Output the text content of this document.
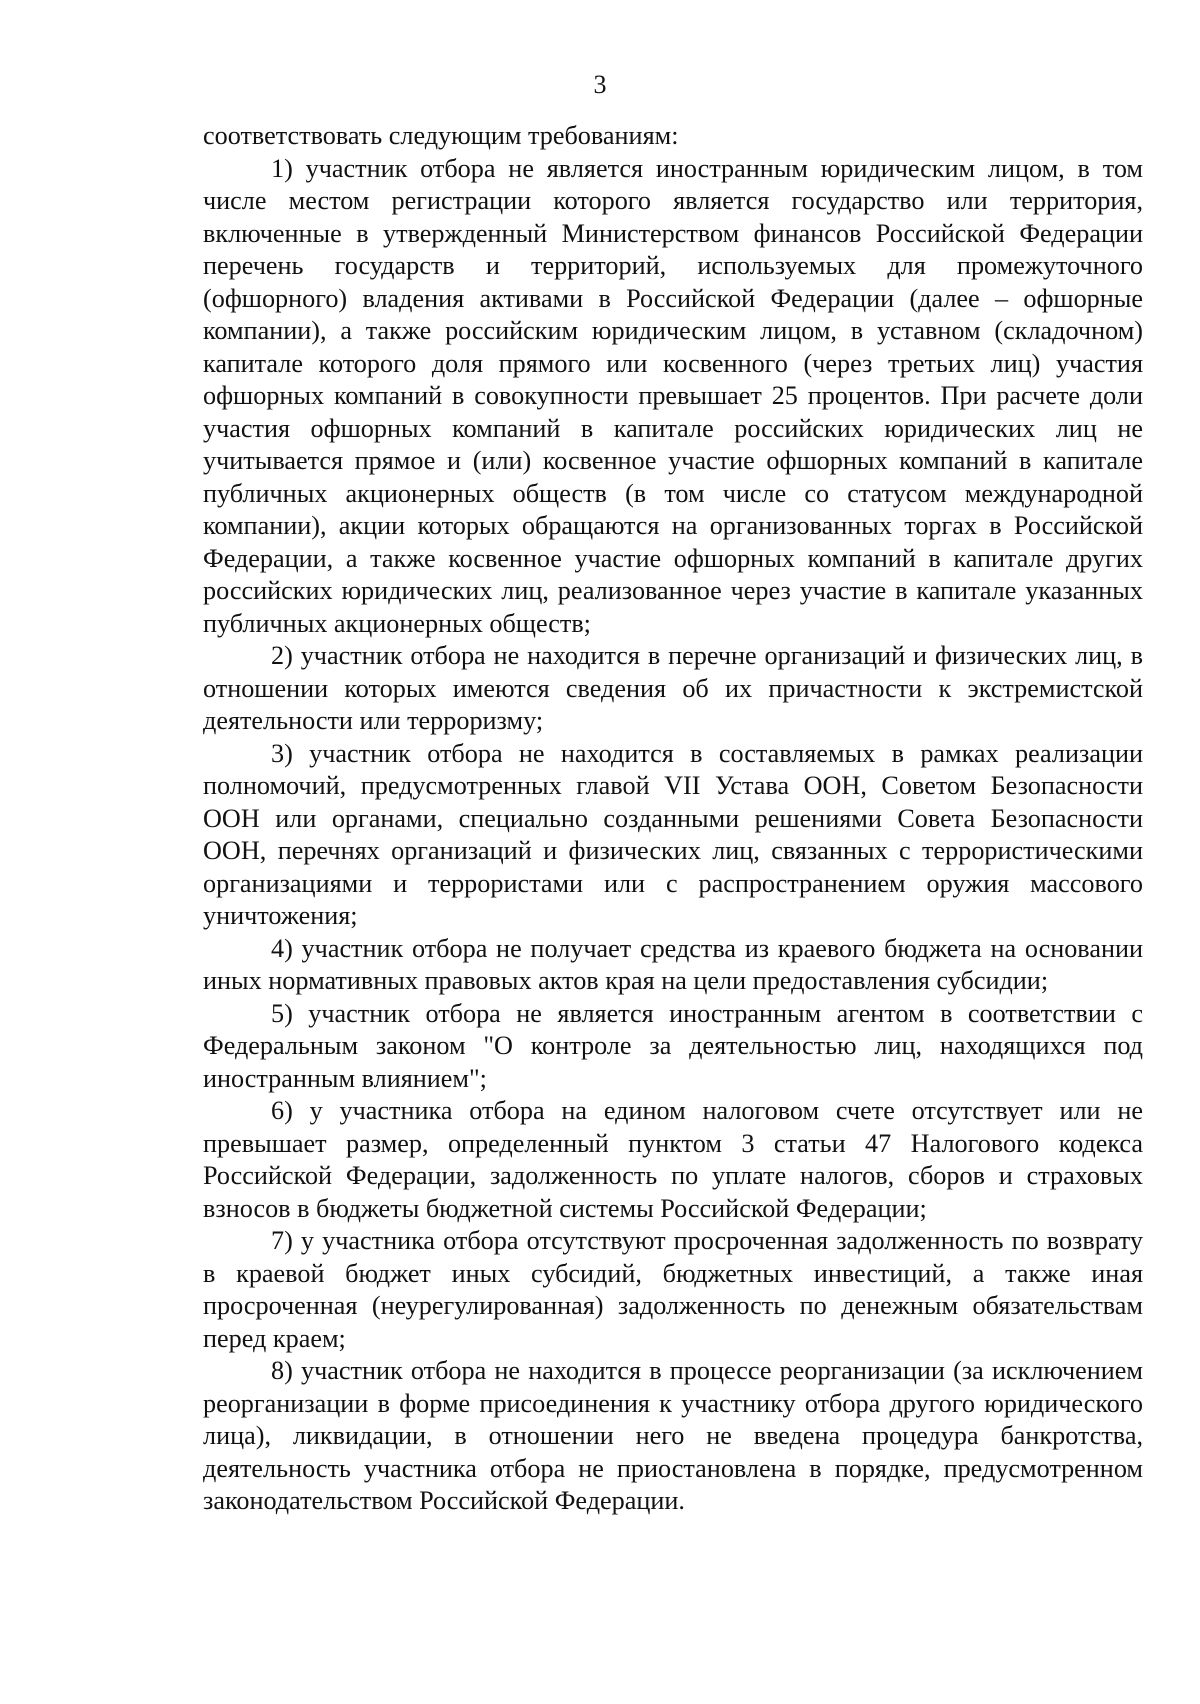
3

соответствовать следующим требованиям:

1) участник отбора не является иностранным юридическим лицом, в том числе местом регистрации которого является государство или территория, включенные в утвержденный Министерством финансов Российской Федерации перечень государств и территорий, используемых для промежуточного (офшорного) владения активами в Российской Федерации (далее – офшорные компании), а также российским юридическим лицом, в уставном (складочном) капитале которого доля прямого или косвенного (через третьих лиц) участия офшорных компаний в совокупности превышает 25 процентов. При расчете доли участия офшорных компаний в капитале российских юридических лиц не учитывается прямое и (или) косвенное участие офшорных компаний в капитале публичных акционерных обществ (в том числе со статусом международной компании), акции которых обращаются на организованных торгах в Российской Федерации, а также косвенное участие офшорных компаний в капитале других российских юридических лиц, реализованное через участие в капитале указанных публичных акционерных обществ;

2) участник отбора не находится в перечне организаций и физических лиц, в отношении которых имеются сведения об их причастности к экстремистской деятельности или терроризму;

3) участник отбора не находится в составляемых в рамках реализации полномочий, предусмотренных главой VII Устава ООН, Советом Безопасности ООН или органами, специально созданными решениями Совета Безопасности ООН, перечнях организаций и физических лиц, связанных с террористическими организациями и террористами или с распространением оружия массового уничтожения;

4) участник отбора не получает средства из краевого бюджета на основании иных нормативных правовых актов края на цели предоставления субсидии;

5) участник отбора не является иностранным агентом в соответствии с Федеральным законом "О контроле за деятельностью лиц, находящихся под иностранным влиянием";

6) у участника отбора на едином налоговом счете отсутствует или не превышает размер, определенный пунктом 3 статьи 47 Налогового кодекса Российской Федерации, задолженность по уплате налогов, сборов и страховых взносов в бюджеты бюджетной системы Российской Федерации;

7) у участника отбора отсутствуют просроченная задолженность по возврату в краевой бюджет иных субсидий, бюджетных инвестиций, а также иная просроченная (неурегулированная) задолженность по денежным обязательствам перед краем;

8) участник отбора не находится в процессе реорганизации (за исключением реорганизации в форме присоединения к участнику отбора другого юридического лица), ликвидации, в отношении него не введена процедура банкротства, деятельность участника отбора не приостановлена в порядке, предусмотренном законодательством Российской Федерации.
